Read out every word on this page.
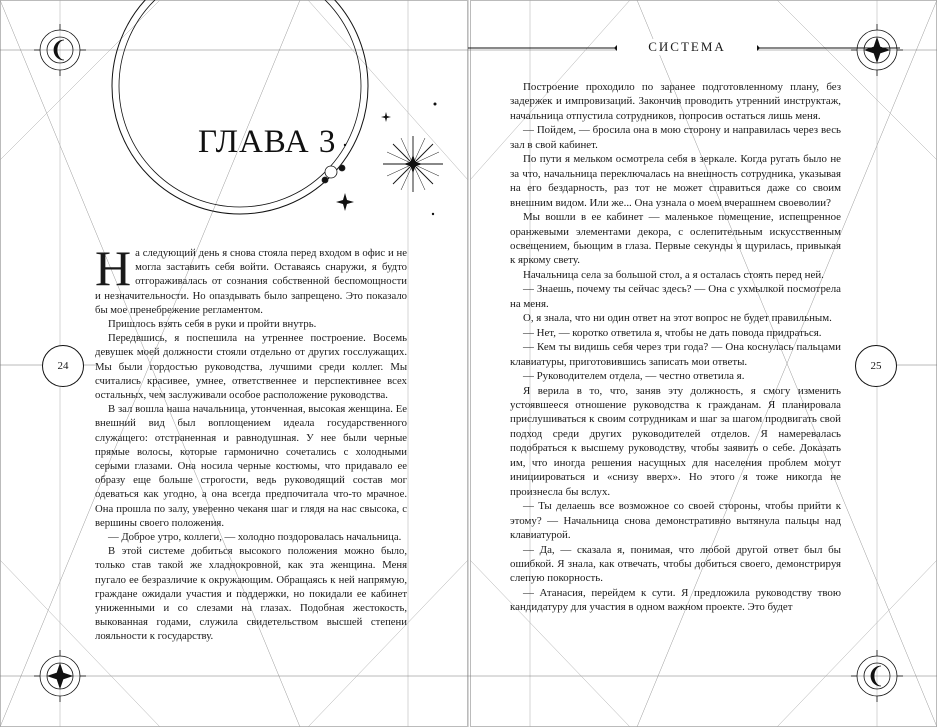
СИСТЕМА
ГЛАВА 3
24	25

На следующий день я снова стояла перед входом в офис и не могла заставить себя войти. Оставаясь снаружи, я будто отгораживалась от сознания собственной беспомощности и незначительности. Но опаздывать было запрещено. Это показало бы мое пренебрежение регламентом.

Пришлось взять себя в руки и пройти внутрь.

Передвшись, я поспешила на утреннее построение. Восемь девушек моей должности стояли отдельно от других госслужащих. Мы были гордостью руководства, лучшими среди коллег. Мы считались красивее, умнее, ответственнее и перспективнее всех остальных, чем заслуживали особое расположение руководства.

В зал вошла наша начальница, утонченная, высокая женщина. Ее внешний вид был воплощением идеала государственного служащего: отстраненная и равнодушная. У нее были черные прямые волосы, которые гармонично сочетались с холодными серыми глазами. Она носила черные костюмы, что придавало ее образу еще больше строгости, ведь руководящий состав мог одеваться как угодно, а она всегда предпочитала что-то мрачное. Она прошла по залу, уверенно чеканя шаг и глядя на нас свысока, с вершины своего положения.

— Доброе утро, коллеги, — холодно поздоровалась начальница.

В этой системе добиться высокого положения можно было, только став такой же хладнокровной, как эта женщина. Меня пугало ее безразличие к окружающим. Обращаясь к ней напрямую, граждане ожидали участия и поддержки, но покидали ее кабинет униженными и со слезами на глазах. Подобная жестокость, выкованная годами, служила свидетельством высшей степени лояльности к государству.

Построение проходило по заранее подготовленному плану, без задержек и импровизаций. Закончив проводить утренний инструктаж, начальница отпустила сотрудников, попросив остаться лишь меня.

— Пойдем, — бросила она в мою сторону и направилась через весь зал в свой кабинет.

По пути я мельком осмотрела себя в зеркале. Когда ругать было не за что, начальница переключалась на внешность сотрудника, указывая на его бездарность, раз тот не может справиться даже со своим внешним видом. Или же... Она узнала о моем вчерашнем своеволии?

Мы вошли в ее кабинет — маленькое помещение, испещренное оранжевыми элементами декора, с ослепительным искусственным освещением, бьющим в глаза. Первые секунды я щурилась, привыкая к яркому свету.

Начальница села за большой стол, а я осталась стоять перед ней.

— Знаешь, почему ты сейчас здесь? — Она с ухмылкой посмотрела на меня.

О, я знала, что ни один ответ на этот вопрос не будет правильным.

— Нет, — коротко ответила я, чтобы не дать повода придраться.

— Кем ты видишь себя через три года? — Она коснулась пальцами клавиатуры, приготовившись записать мои ответы.

— Руководителем отдела, — честно ответила я.

Я верила в то, что, заняв эту должность, я смогу изменить устоявшееся отношение руководства к гражданам. Я планировала прислушиваться к своим сотрудникам и шаг за шагом продвигать свой подход среди других руководителей отделов. Я намеревалась подобраться к высшему руководству, чтобы заявить о себе. Доказать им, что иногда решения насущных для населения проблем могут инициироваться и «снизу вверх». Но этого я тоже никогда не произнесла бы вслух.

— Ты делаешь все возможное со своей стороны, чтобы прийти к этому? — Начальница снова демонстративно вытянула пальцы над клавиатурой.

— Да, — сказала я, понимая, что любой другой ответ был бы ошибкой. Я знала, как отвечать, чтобы добиться своего, демонстрируя слепую покорность.

— Атанасия, перейдем к сути. Я предложила руководству твою кандидатуру для участия в одном важном проекте. Это будет
